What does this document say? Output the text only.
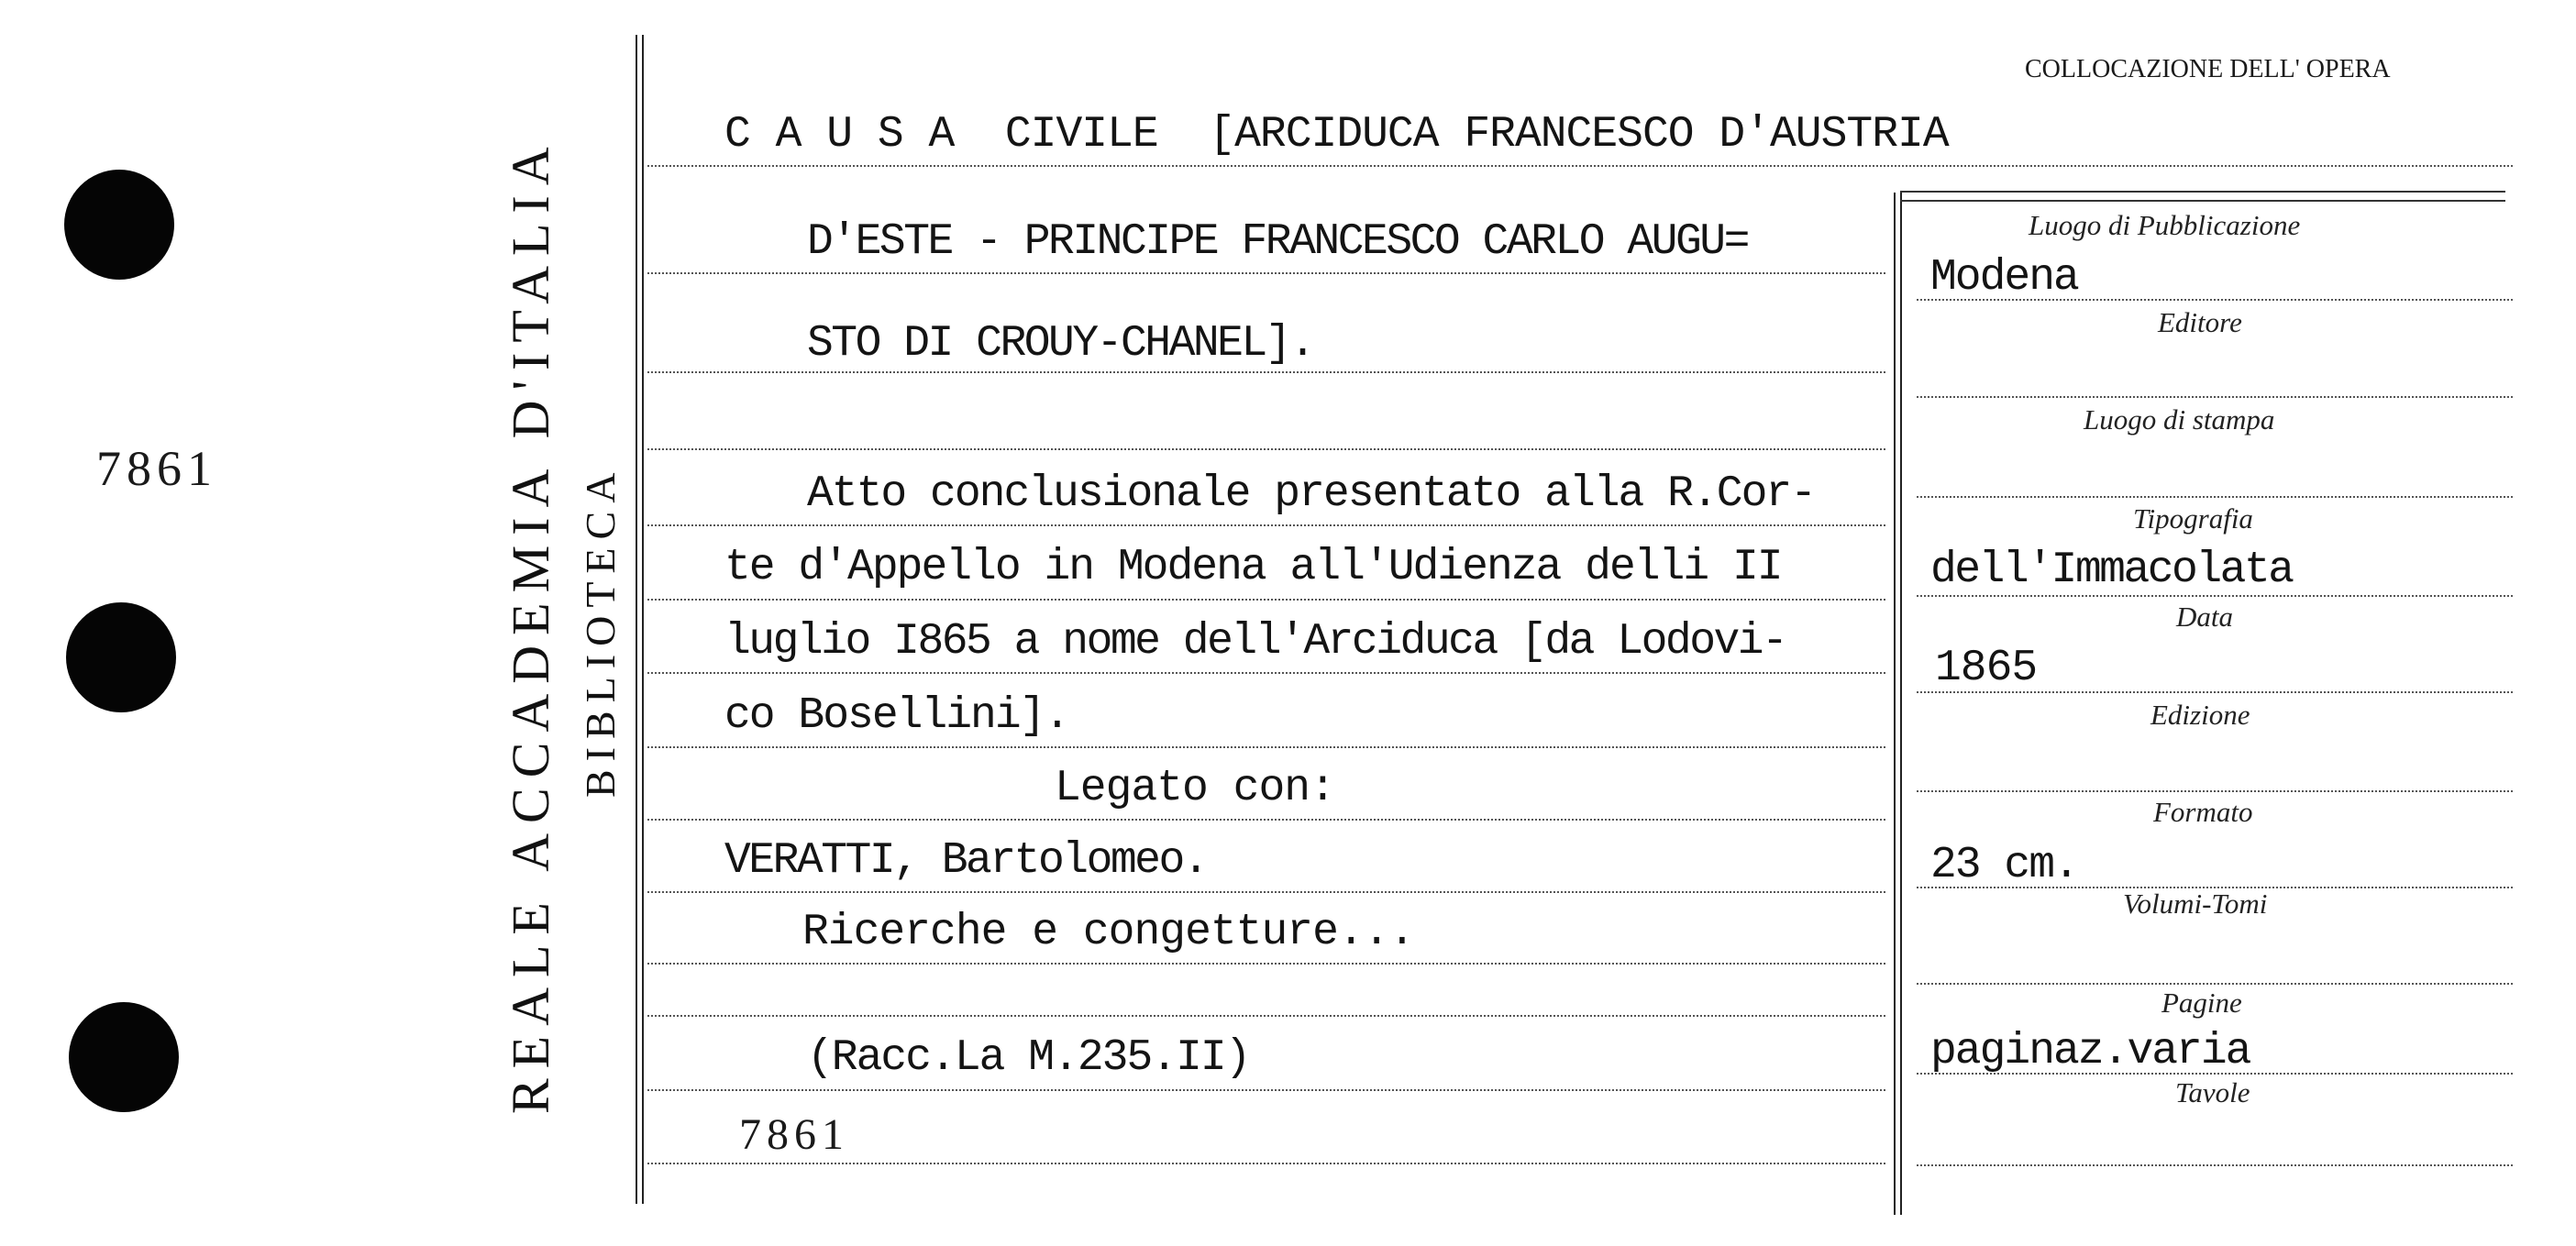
7861	REALE ACCADEMIA D'ITALIA BIBLIOTECA
COLLOCAZIONE DELL' OPERA
C A U S A  CIVILE  [ARCIDUCA FRANCESCO D'AUSTRIA
D'ESTE - PRINCIPE FRANCESCO CARLO AUGU=
STO DI CROUY-CHANEL].
Atto conclusionale presentato alla R.Cor-
te d'Appello in Modena all'Udienza delli II
luglio I865 a nome dell'Arciduca [da Lodovi-
co Bosellini].
Legato con:
VERATTI, Bartolomeo.
Ricerche e congetture...
(Racc.La M.235.II)
7861
Luogo di Pubblicazione
Editore
Luogo di stampa
Tipografia
Data
Edizione
Formato
Volumi-Tomi
Pagine
Tavole
Modena
dell'Immacolata
1865
23 cm.
paginaz.varia
